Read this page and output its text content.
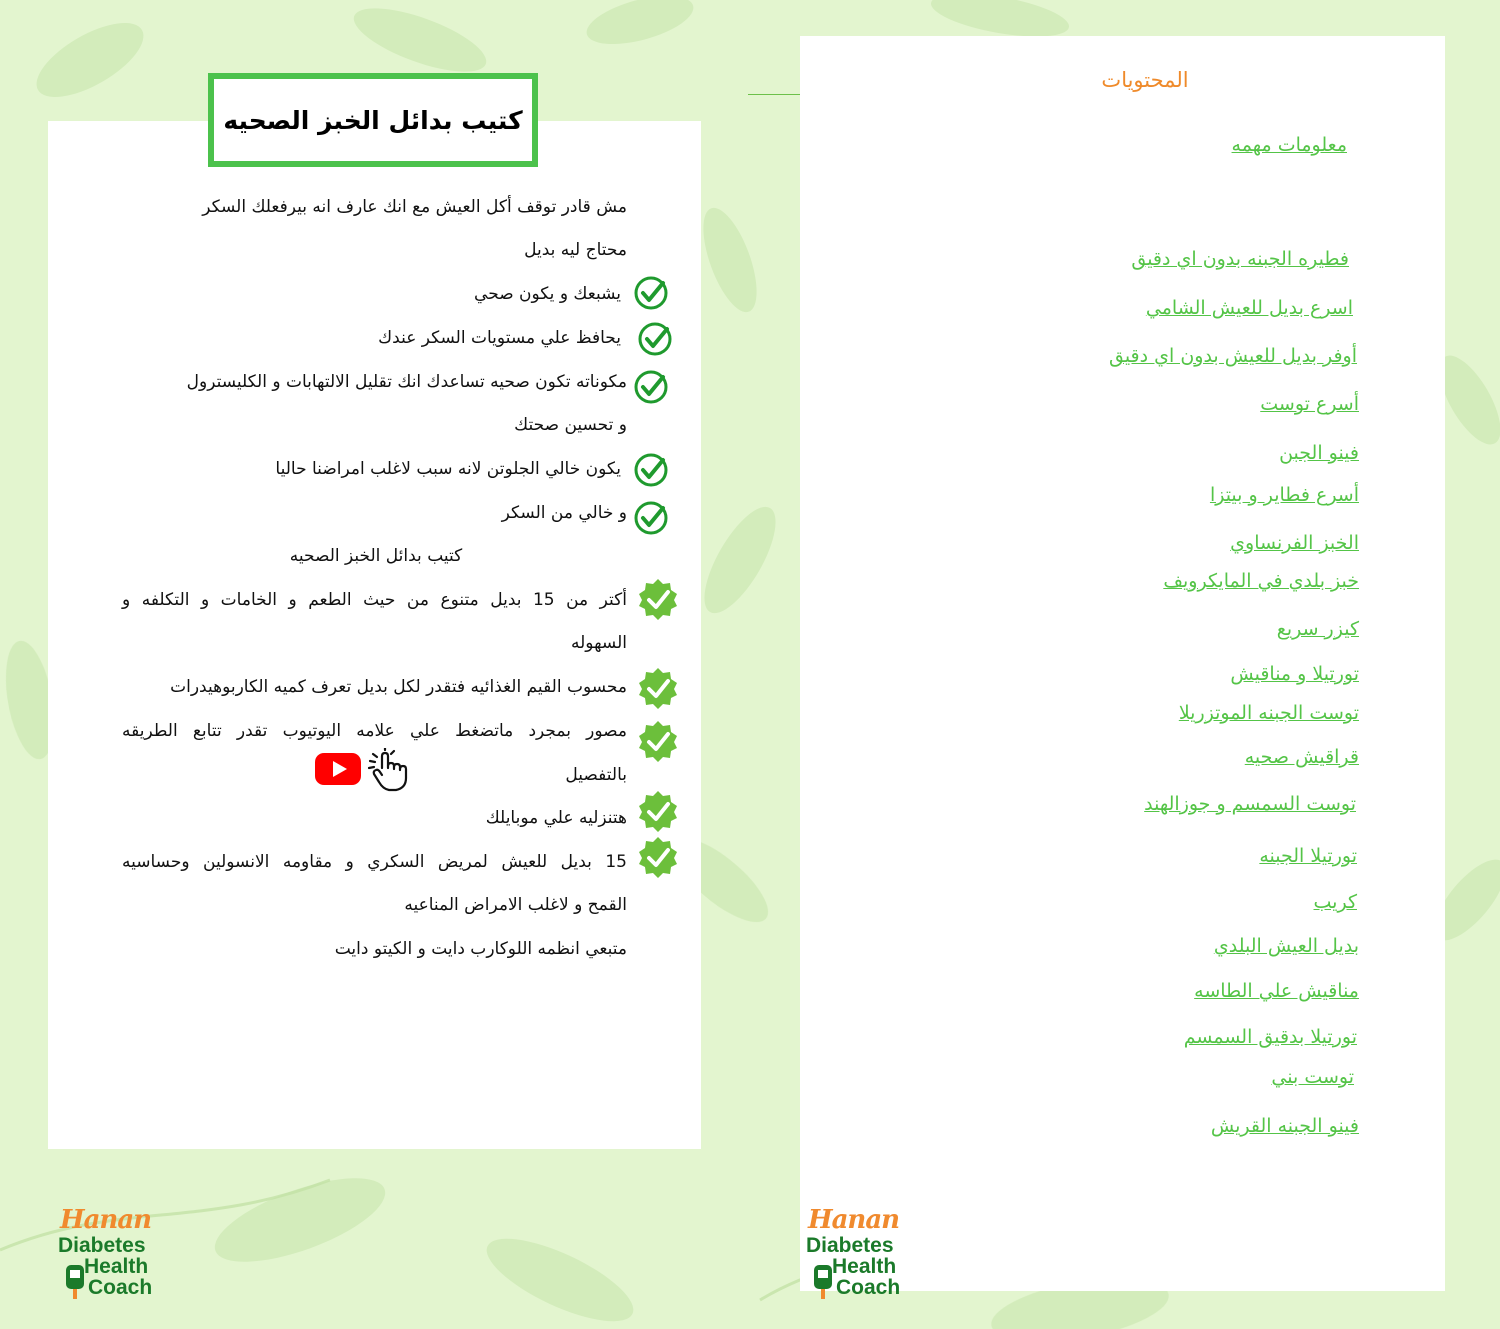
كتيب بدائل الخبز الصحيه
مش قادر توقف أكل العيش مع انك عارف انه بيرفعلك السكر
محتاج ليه بديل
يشبعك و يكون صحي
يحافظ علي مستويات السكر عندك
مكوناته تكون صحيه تساعدك انك تقليل الالتهابات و الكليسترول
و تحسين صحتك
يكون خالي الجلوتن لانه سبب لاغلب امراضنا حاليا
و خالي من السكر
كتيب بدائل الخبز الصحيه
أكتر من 15 بديل متنوع من حيث الطعم و الخامات و التكلفه و
السهوله
محسوب القيم الغذائيه فتقدر لكل بديل تعرف كميه الكاربوهيدرات
مصور بمجرد ماتضغط علي علامه اليوتيوب تقدر تتابع الطريقه
بالتفصيل
هتنزليه علي موبايلك
15 بديل للعيش لمريض السكري و مقاومه الانسولين وحساسيه
القمح و لاغلب الامراض المناعيه
متبعي انظمه اللوكارب دايت و الكيتو دايت
المحتويات
معلومات مهمه
فطيره الجبنه بدون اي دقيق
اسرع بديل للعيش الشامي
أوفر بديل للعيش بدون اي دقيق
أسرع توست
فينو الجبن
أسرع فطاير و بيتزا
الخبز الفرنساوي
خبز بلدي في المايكرويف
كيزر سريع
تورتيلا و مناقيش
توست الجبنه الموتزريلا
قراقيش صحيه
توست السمسم و جوزالهند
تورتيلا الجبنه
كريب
بديل العيش البلدي
مناقيش علي الطاسه
تورتيلا بدقيق السمسم
توست بني
فينو الجبنه القريش
Hanan
Diabetes
Health
Coach
Hanan
Diabetes
Health
Coach
